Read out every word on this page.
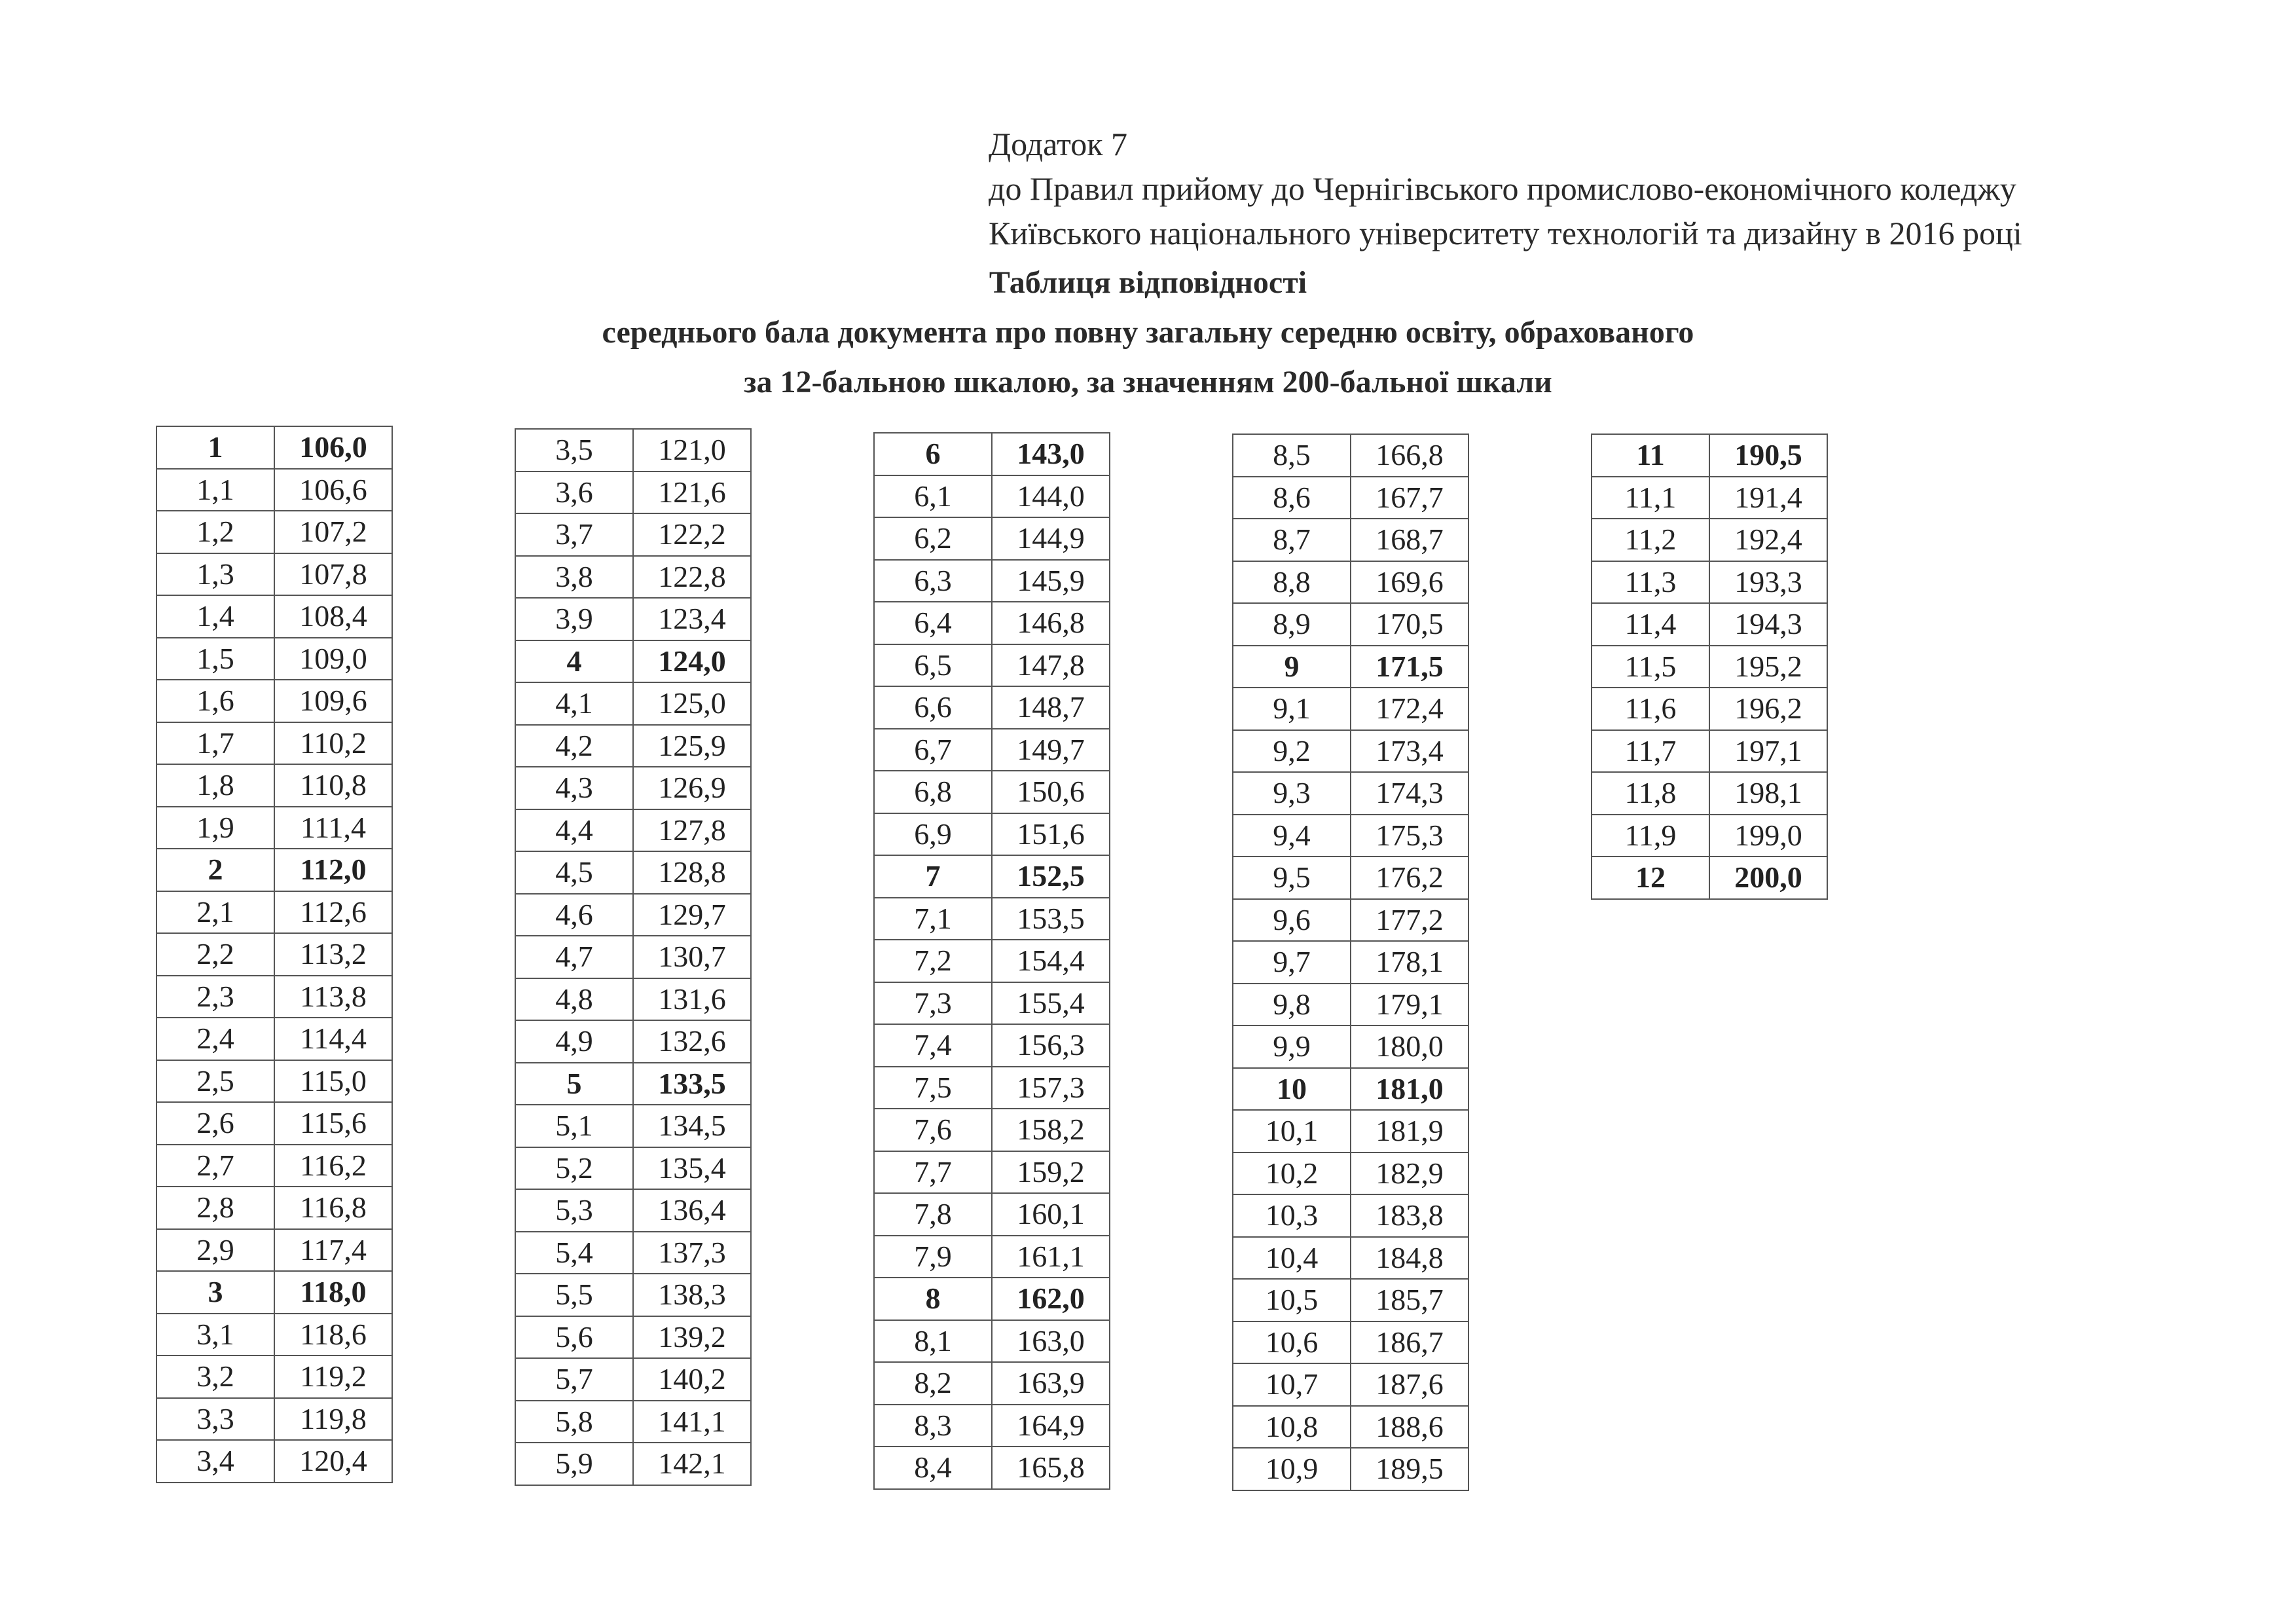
Додаток 7
до Правил прийому до Чернігівського промислово-економічного коледжу
Київського національного університету технологій та дизайну в 2016 році
Таблиця відповідності
середнього бала документа про повну загальну середню освіту, обрахованого
за 12-бальною шкалою, за значенням 200-бальної шкали
1	106,0
1,1	106,6
1,2	107,2
1,3	107,8
1,4	108,4
1,5	109,0
1,6	109,6
1,7	110,2
1,8	110,8
1,9	111,4
2	112,0
2,1	112,6
2,2	113,2
2,3	113,8
2,4	114,4
2,5	115,0
2,6	115,6
2,7	116,2
2,8	116,8
2,9	117,4
3	118,0
3,1	118,6
3,2	119,2
3,3	119,8
3,4	120,4
3,5	121,0
3,6	121,6
3,7	122,2
3,8	122,8
3,9	123,4
4	124,0
4,1	125,0
4,2	125,9
4,3	126,9
4,4	127,8
4,5	128,8
4,6	129,7
4,7	130,7
4,8	131,6
4,9	132,6
5	133,5
5,1	134,5
5,2	135,4
5,3	136,4
5,4	137,3
5,5	138,3
5,6	139,2
5,7	140,2
5,8	141,1
5,9	142,1
6	143,0
6,1	144,0
6,2	144,9
6,3	145,9
6,4	146,8
6,5	147,8
6,6	148,7
6,7	149,7
6,8	150,6
6,9	151,6
7	152,5
7,1	153,5
7,2	154,4
7,3	155,4
7,4	156,3
7,5	157,3
7,6	158,2
7,7	159,2
7,8	160,1
7,9	161,1
8	162,0
8,1	163,0
8,2	163,9
8,3	164,9
8,4	165,8
8,5	166,8
8,6	167,7
8,7	168,7
8,8	169,6
8,9	170,5
9	171,5
9,1	172,4
9,2	173,4
9,3	174,3
9,4	175,3
9,5	176,2
9,6	177,2
9,7	178,1
9,8	179,1
9,9	180,0
10	181,0
10,1	181,9
10,2	182,9
10,3	183,8
10,4	184,8
10,5	185,7
10,6	186,7
10,7	187,6
10,8	188,6
10,9	189,5
11	190,5
11,1	191,4
11,2	192,4
11,3	193,3
11,4	194,3
11,5	195,2
11,6	196,2
11,7	197,1
11,8	198,1
11,9	199,0
12	200,0
